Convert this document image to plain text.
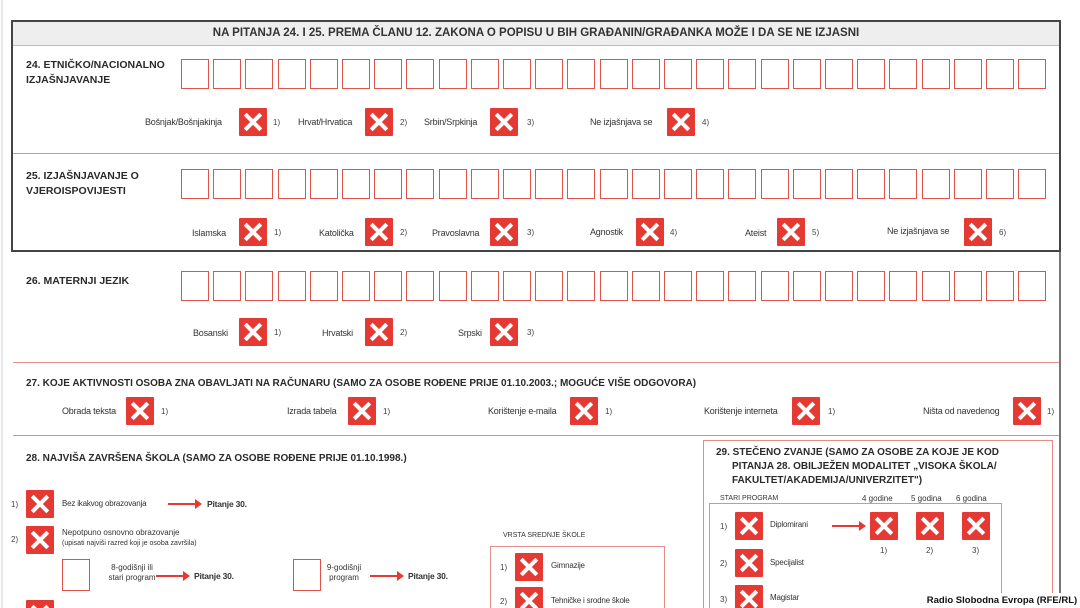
NA PITANJA 24. I 25. PREMA ČLANU 12. ZAKONA O POPISU U BIH GRAĐANIN/GRAĐANKA MOŽE I DA SE NE IZJASNI
24. ETNIČKO/NACIONALNO
IZJAŠNJAVANJE
Bošnjak/Bošnjakinja	1) Hrvat/Hrvatica	2) Srbin/Srpkinja	3)	Ne izjašnjava se	4)
25. IZJAŠNJAVANJE O
VJEROISPOVIJESTI
Islamska	1)	Katolička	2)	Pravoslavna	3)	Agnostik	4)	Ateist	5)	Ne izjašnjava se	6)
26. MATERNJI JEZIK
Bosanski	1)	Hrvatski	2)	Srpski	3)
27. KOJE AKTIVNOSTI OSOBA ZNA OBAVLJATI NA RAČUNARU (SAMO ZA OSOBE ROĐENE PRIJE 01.10.2003.; MOGUĆE VIŠE ODGOVORA)
Obrada teksta	1)	Izrada tabela	1)	Korištenje e-maila	1)	Korištenje interneta	1)	Ništa od navedenog	1)
28. NAJVIŠA ZAVRŠENA ŠKOLA (SAMO ZA OSOBE ROĐENE PRIJE 01.10.1998.)
1)	Bez ikakvog obrazovanja	Pitanje 30.
2)
Nepotpuno osnovno obrazovanje
(upisati najviši razred koji je osoba završila)
8-godišnji ili
stari program	Pitanje 30.
9-godišnji
program	Pitanje 30.
VRSTA SREDNJE ŠKOLE
1)	Gimnazije
2)	Tehničke i srodne škole
29. STEČENO ZVANJE (SAMO ZA OSOBE ZA KOJE JE KOD
PITANJA 28. OBILJEŽEN MODALITET „VISOKA ŠKOLA/
FAKULTET/AKADEMIJA/UNIVERZITET")
STARI PROGRAM	4 godine 5 godina 6 godina
1)	Diplomirani
1)	2)	3)
2)	Specijalist
3)	Magistar	Radio Slobodna Evropa (RFE/RL)
